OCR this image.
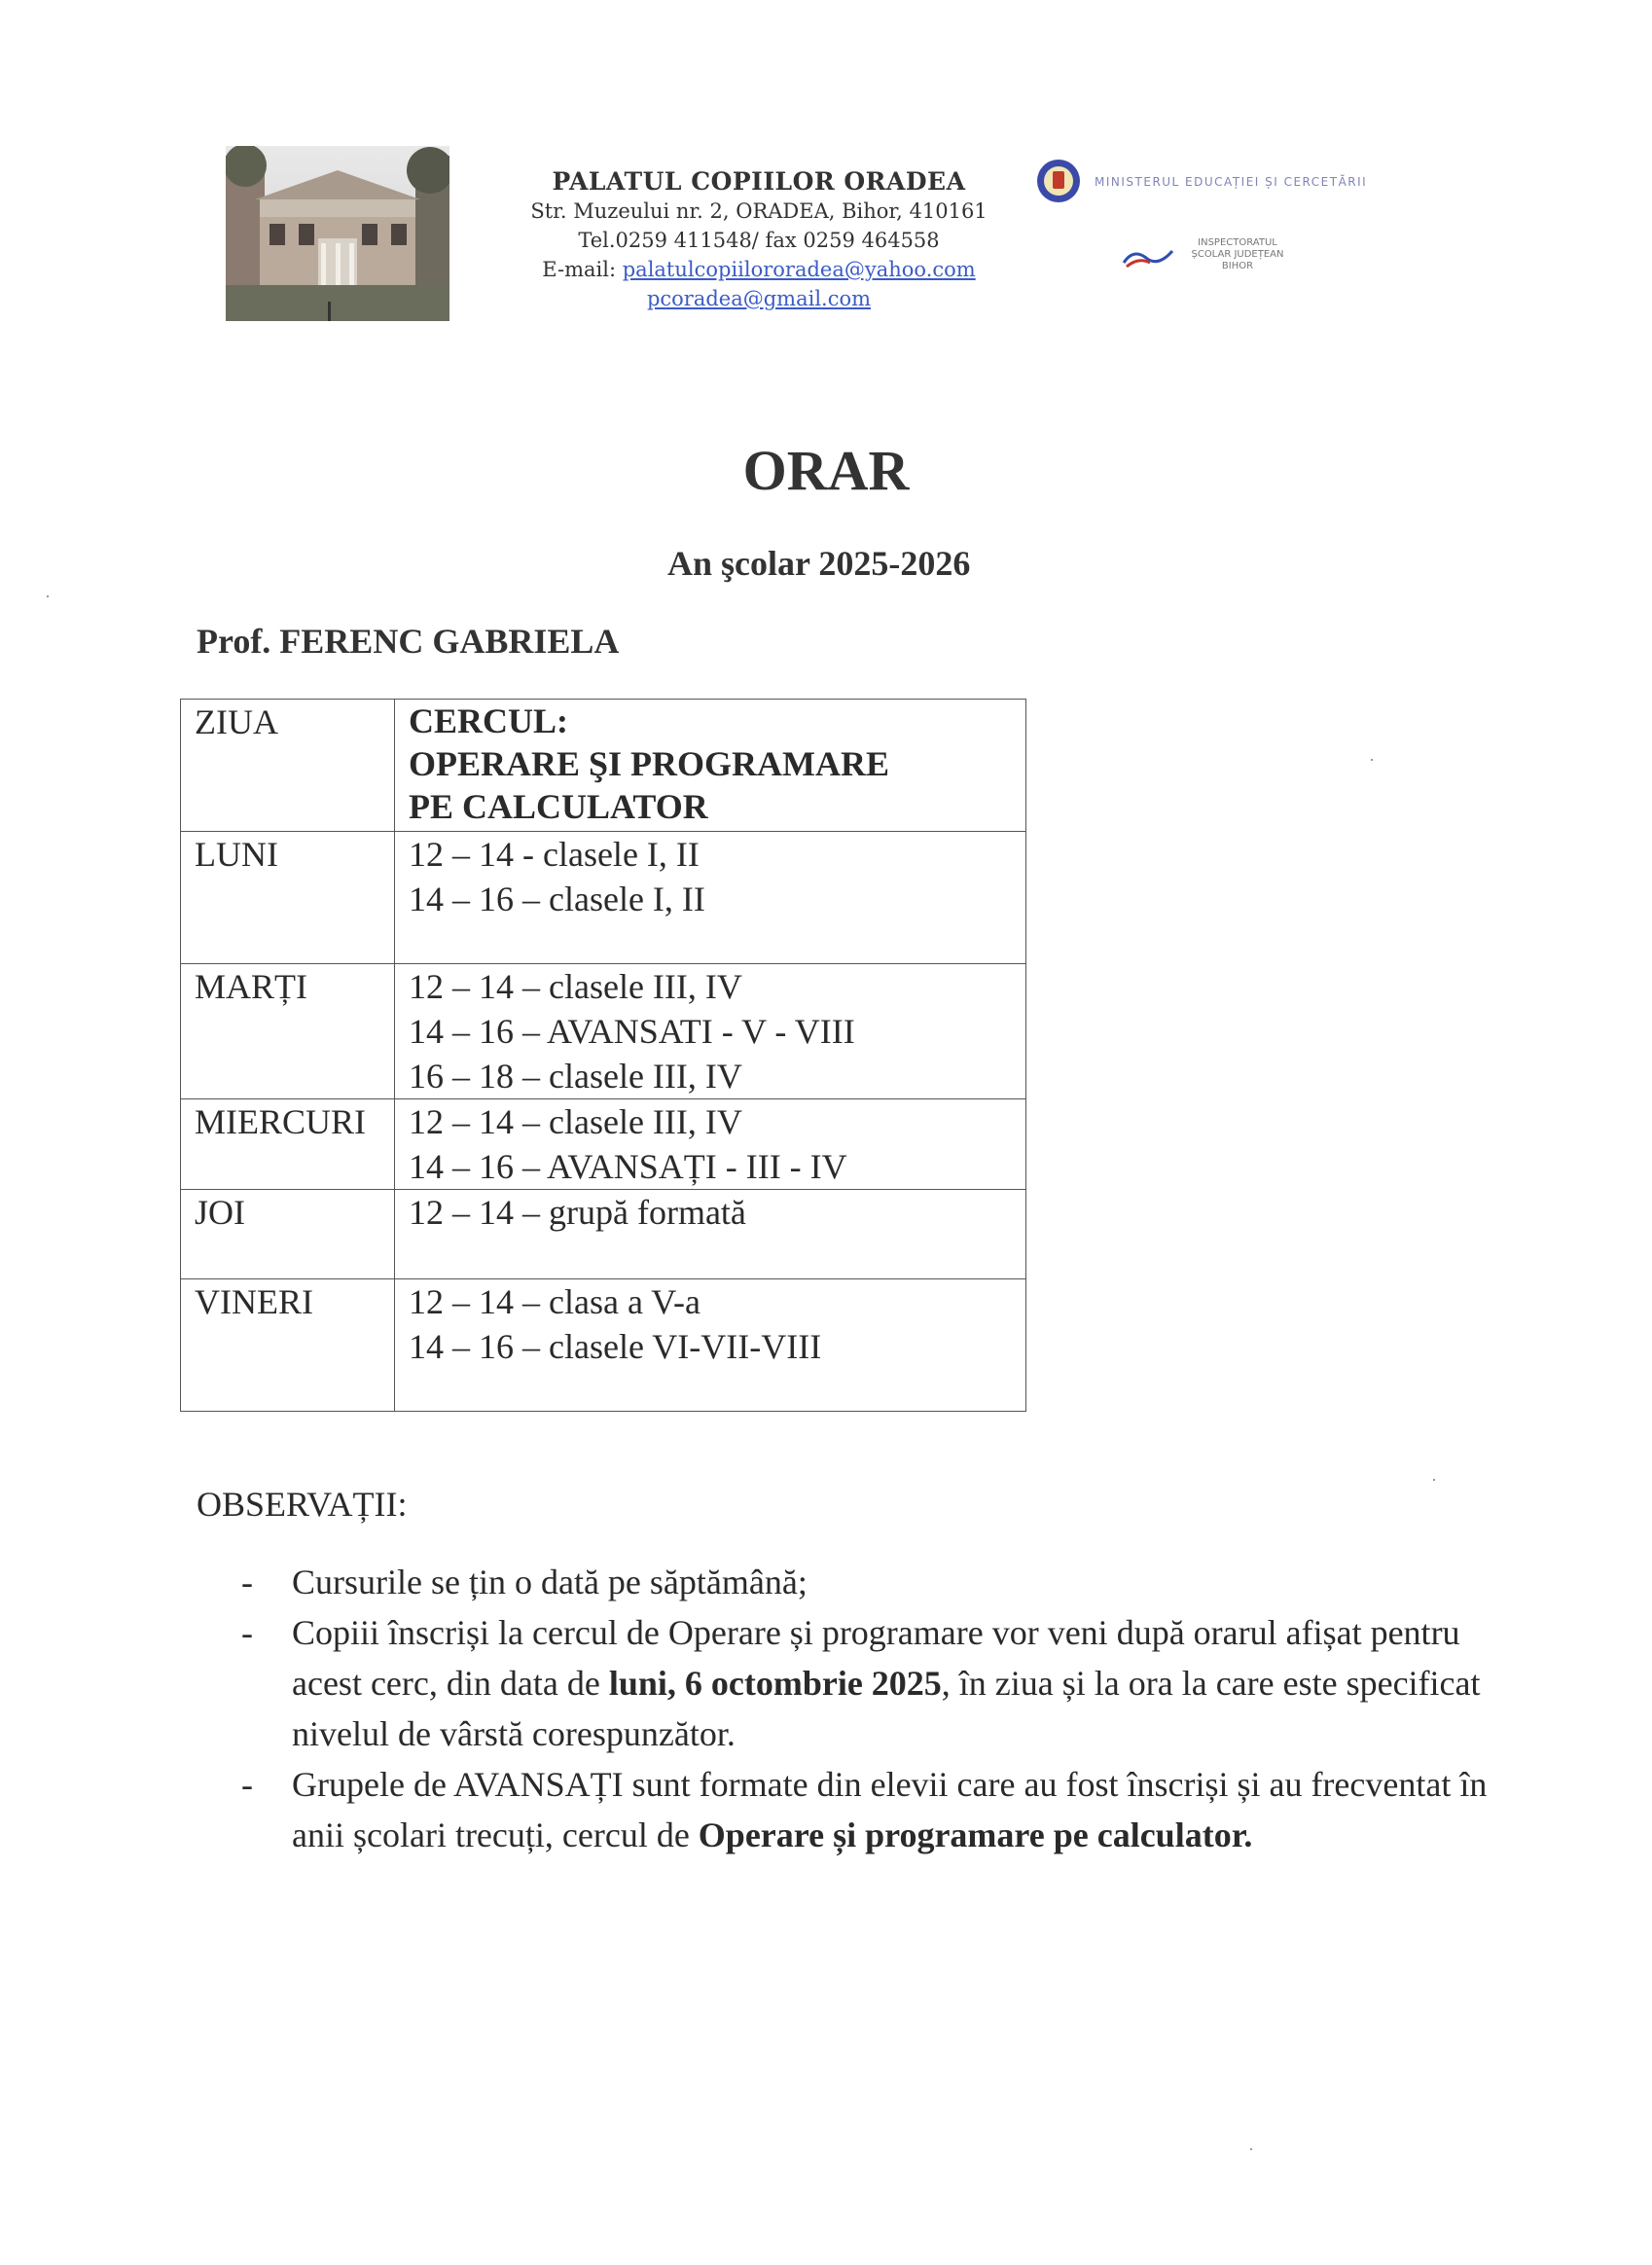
PALATUL COPIILOR ORADEA
Str. Muzeului nr. 2, ORADEA, Bihor, 410161
Tel.0259 411548/ fax 0259 464558
E-mail: palatulcopiilororadea@yahoo.com
pcoradea@gmail.com
MINISTERUL EDUCAȚIEI ȘI CERCETĂRII
INSPECTORATUL
ȘCOLAR JUDEȚEAN
BIHOR
ORAR
An şcolar 2025-2026
Prof. FERENC GABRIELA
ZIUA	CERCUL:
OPERARE ŞI PROGRAMARE
PE CALCULATOR

LUNI	12 – 14 - clasele I, II
14 – 16 – clasele I, II

MARȚI	12 – 14 – clasele III, IV
14 – 16 – AVANSATI - V - VIII
16 – 18 – clasele III, IV

MIERCURI	12 – 14 – clasele III, IV
14 – 16 – AVANSAȚI - III - IV

JOI	12 – 14 – grupă formată

VINERI	12 – 14 – clasa a V-a
14 – 16 – clasele VI-VII-VIII
OBSERVAȚII:
- Cursurile se țin o dată pe săptămână;
- Copiii înscriși la cercul de Operare și programare vor veni după orarul afișat pentru acest cerc, din data de luni, 6 octombrie 2025, în ziua și la ora la care este specificat nivelul de vârstă corespunzător.
- Grupele de AVANSAȚI sunt formate din elevii care au fost înscriși și au frecventat în anii școlari trecuți, cercul de Operare și programare pe calculator.
